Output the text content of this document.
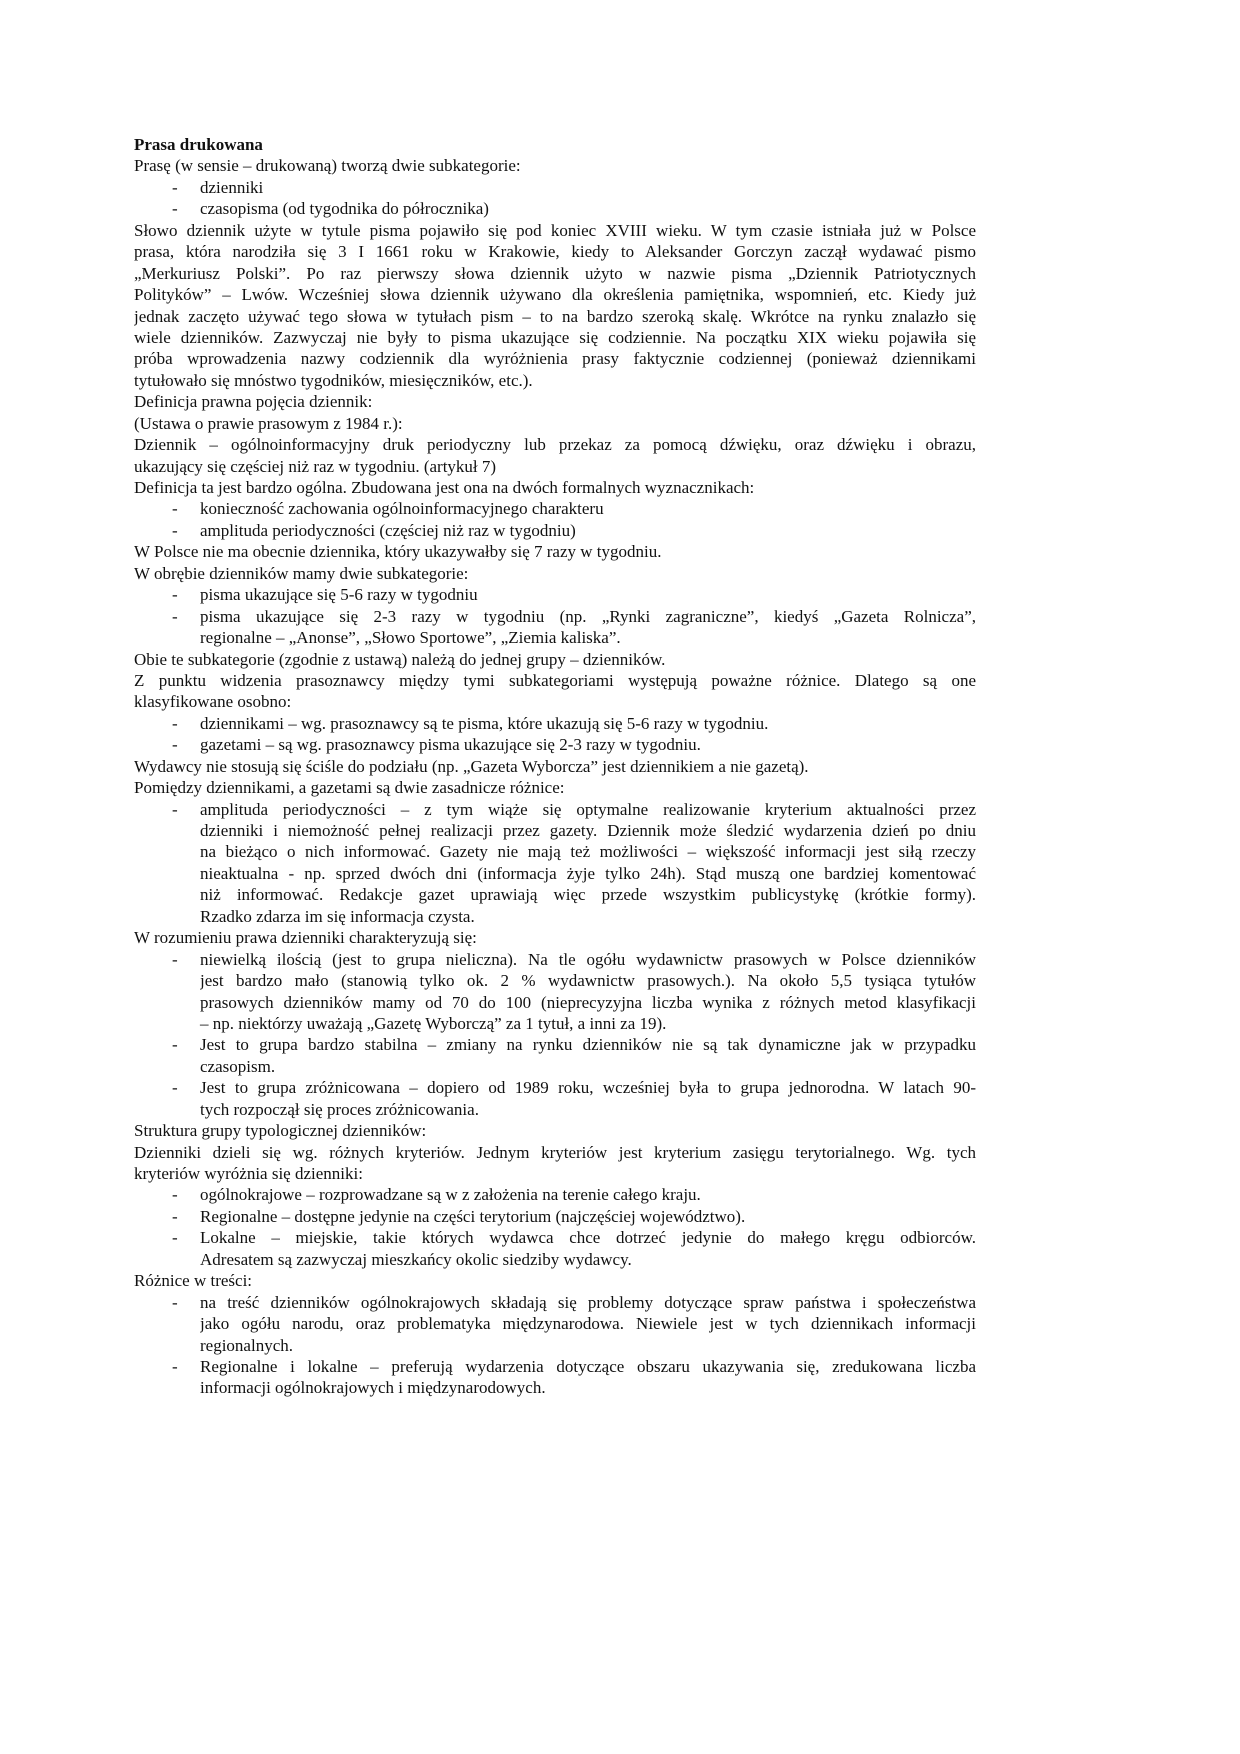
Prasa drukowana
Prasę (w sensie – drukowaną) tworzą dwie subkategorie:
- dzienniki
- czasopisma (od tygodnika do półrocznika)
Słowo dziennik użyte w tytule pisma pojawiło się pod koniec XVIII wieku. W tym czasie istniała już w Polsce
prasa, która narodziła się 3 I 1661 roku w Krakowie, kiedy to Aleksander Gorczyn zaczął wydawać pismo
„Merkuriusz Polski”. Po raz pierwszy słowa dziennik użyto w nazwie pisma „Dziennik Patriotycznych
Polityków” – Lwów. Wcześniej słowa dziennik używano dla określenia pamiętnika, wspomnień, etc. Kiedy już
jednak zaczęto używać tego słowa w tytułach pism – to na bardzo szeroką skalę. Wkrótce na rynku znalazło się
wiele dzienników. Zazwyczaj nie były to pisma ukazujące się codziennie. Na początku XIX wieku pojawiła się
próba wprowadzenia nazwy codziennik dla wyróżnienia prasy faktycznie codziennej (ponieważ dziennikami
tytułowało się mnóstwo tygodników, miesięczników, etc.).
Definicja prawna pojęcia dziennik:
(Ustawa o prawie prasowym z 1984 r.):
Dziennik – ogólnoinformacyjny druk periodyczny lub przekaz za pomocą dźwięku, oraz dźwięku i obrazu,
ukazujący się częściej niż raz w tygodniu. (artykuł 7)
Definicja ta jest bardzo ogólna. Zbudowana jest ona na dwóch formalnych wyznacznikach:
- konieczność zachowania ogólnoinformacyjnego charakteru
- amplituda periodyczności (częściej niż raz w tygodniu)
W Polsce nie ma obecnie dziennika, który ukazywałby się 7 razy w tygodniu.
W obrębie dzienników mamy dwie subkategorie:
- pisma ukazujące się 5-6 razy w tygodniu
- pisma ukazujące się 2-3 razy w tygodniu (np. „Rynki zagraniczne”, kiedyś „Gazeta Rolnicza”,
regionalne – „Anonse”, „Słowo Sportowe”, „Ziemia kaliska”.
Obie te subkategorie (zgodnie z ustawą) należą do jednej grupy – dzienników.
Z punktu widzenia prasoznawcy między tymi subkategoriami występują poważne różnice. Dlatego są one
klasyfikowane osobno:
- dziennikami – wg. prasoznawcy są te pisma, które ukazują się 5-6 razy w tygodniu.
- gazetami – są wg. prasoznawcy pisma ukazujące się 2-3 razy w tygodniu.
Wydawcy nie stosują się ściśle do podziału (np. „Gazeta Wyborcza” jest dziennikiem a nie gazetą).
Pomiędzy dziennikami, a gazetami są dwie zasadnicze różnice:
- amplituda periodyczności – z tym wiąże się optymalne realizowanie kryterium aktualności przez
dzienniki i niemożność pełnej realizacji przez gazety. Dziennik może śledzić wydarzenia dzień po dniu
na bieżąco o nich informować. Gazety nie mają też możliwości – większość informacji jest siłą rzeczy
nieaktualna - np. sprzed dwóch dni (informacja żyje tylko 24h). Stąd muszą one bardziej komentować
niż informować. Redakcje gazet uprawiają więc przede wszystkim publicystykę (krótkie formy).
Rzadko zdarza im się informacja czysta.
W rozumieniu prawa dzienniki charakteryzują się:
- niewielką ilością (jest to grupa nieliczna). Na tle ogółu wydawnictw prasowych w Polsce dzienników
jest bardzo mało (stanowią tylko ok. 2 % wydawnictw prasowych.). Na około 5,5 tysiąca tytułów
prasowych dzienników mamy od 70 do 100 (nieprecyzyjna liczba wynika z różnych metod klasyfikacji
– np. niektórzy uważają „Gazetę Wyborczą” za 1 tytuł, a inni za 19).
- Jest to grupa bardzo stabilna – zmiany na rynku dzienników nie są tak dynamiczne jak w przypadku
czasopism.
- Jest to grupa zróżnicowana – dopiero od 1989 roku, wcześniej była to grupa jednorodna. W latach 90-
tych rozpoczął się proces zróżnicowania.
Struktura grupy typologicznej dzienników:
Dzienniki dzieli się wg. różnych kryteriów. Jednym kryteriów jest kryterium zasięgu terytorialnego. Wg. tych
kryteriów wyróżnia się dzienniki:
- ogólnokrajowe – rozprowadzane są w z założenia na terenie całego kraju.
- Regionalne – dostępne jedynie na części terytorium (najczęściej województwo).
- Lokalne – miejskie, takie których wydawca chce dotrzeć jedynie do małego kręgu odbiorców.
Adresatem są zazwyczaj mieszkańcy okolic siedziby wydawcy.
Różnice w treści:
- na treść dzienników ogólnokrajowych składają się problemy dotyczące spraw państwa i społeczeństwa
jako ogółu narodu, oraz problematyka międzynarodowa. Niewiele jest w tych dziennikach informacji
regionalnych.
- Regionalne i lokalne – preferują wydarzenia dotyczące obszaru ukazywania się, zredukowana liczba
informacji ogólnokrajowych i międzynarodowych.
